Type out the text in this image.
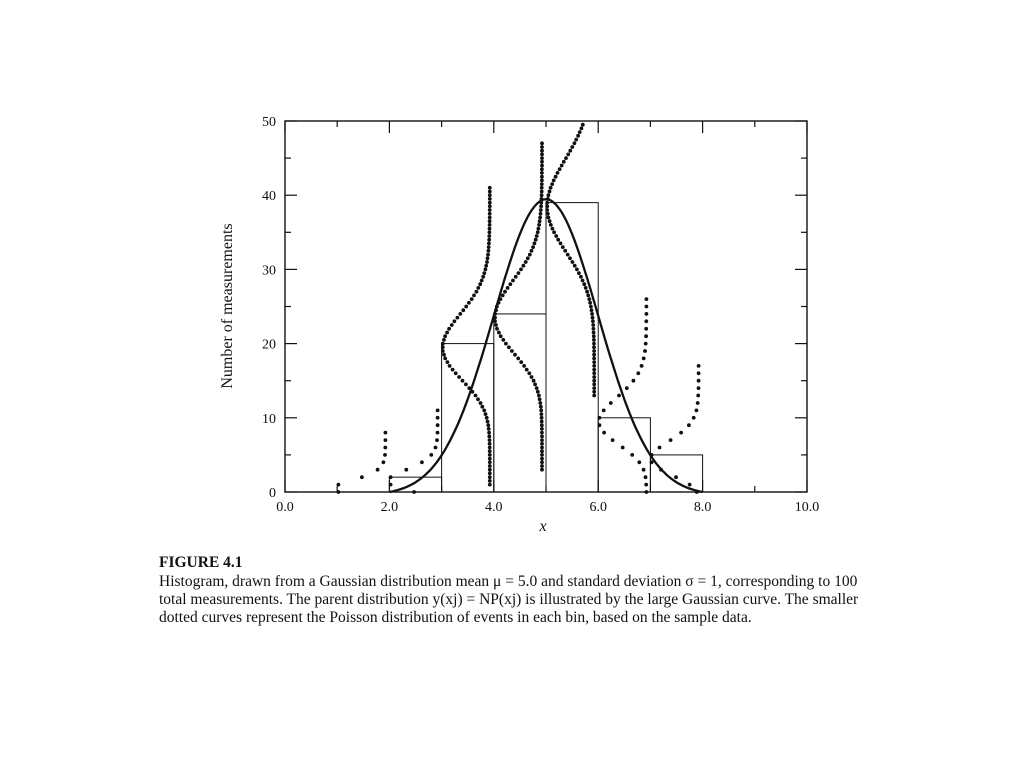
0.0	2.0	4.0	6.0	8.0	10.0
0
10
20
30
40
50
x
Number of measurements

FIGURE 4.1

Histogram, drawn from a Gaussian distribution mean μ = 5.0 and standard deviation σ = 1, corresponding to 100 total measurements. The parent distribution y(xj) = NP(xj) is illustrated by the large Gaussian curve. The smaller dotted curves represent the Poisson distribution of events in each bin, based on the sample data.
